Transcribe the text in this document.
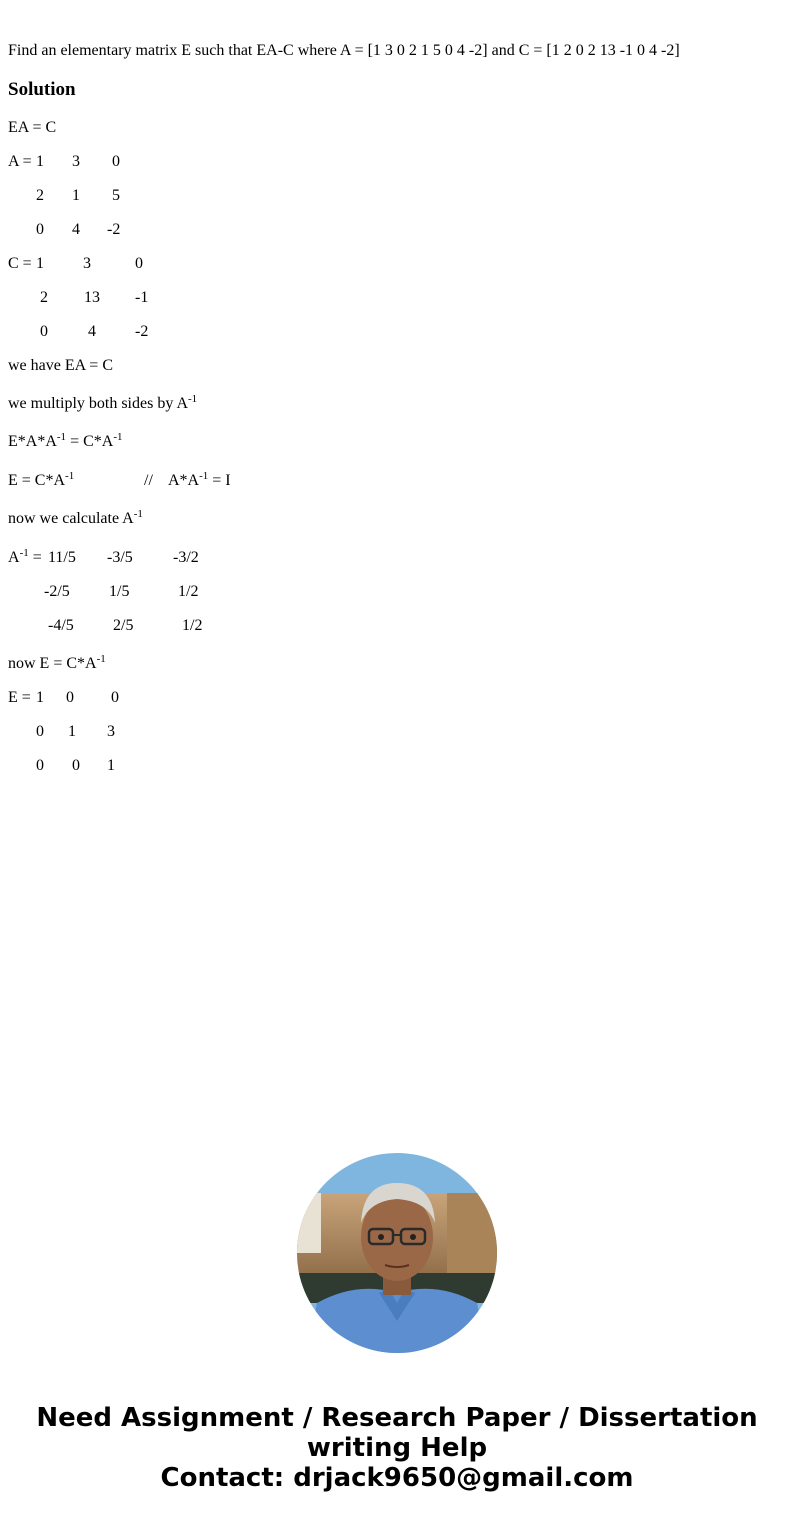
Find an elementary matrix E such that EA-C where A = [1 3 0 2 1 5 0 4 -2] and C = [1 2 0 2 13 -1 0 4 -2]
Solution
EA = C
A = 1 3 0
2 1 5
0 4 -2
C = 1 3	0
2 13 -1
0	4 -2
we have EA = C
we multiply both sides by $A^{-1}$
$E*A*A^{-1} = C*A^{-1}$
$E = C*A^{-1}$	// $A*A^{-1} = I$
now we calculate $A^{-1}$
$A^{-1} = 11/5$ -3/5	-3/2
-2/5 1/5	1/2
-4/5 2/5	1/2
now $E = C*A^{-1}$
E = 1 0 0
0 1 3
0 0 1
Need Assignment / Research Paper / Dissertation
writing Help
Contact: drjack9650@gmail.com
